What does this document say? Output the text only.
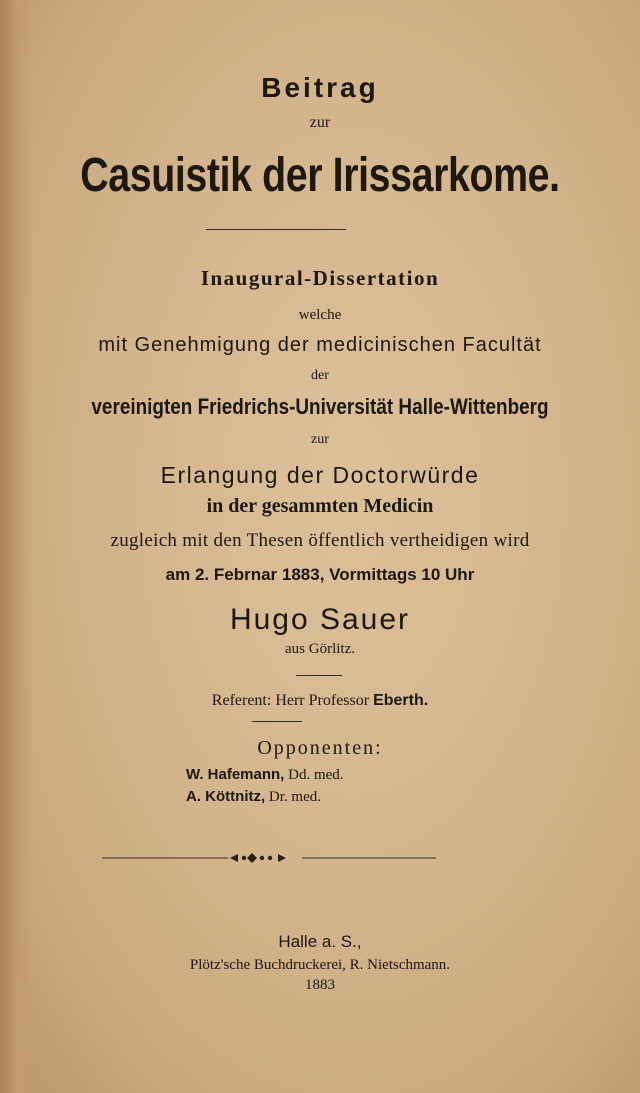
Beitrag
zur
Casuistik der Irissarkome.
Inaugural-Dissertation
welche
mit Genehmigung der medicinischen Facultät
der
vereinigten Friedrichs-Universität Halle-Wittenberg
zur
Erlangung der Doctorwürde
in der gesammten Medicin
zugleich mit den Thesen öffentlich vertheidigen wird
am 2. Febrnar 1883, Vormittags 10 Uhr
Hugo Sauer
aus Görlitz.
Referent: Herr Professor Eberth.
Opponenten:
W. Hafemann, Dd. med.
A. Köttnitz, Dr. med.
Halle a. S.,
Plötz'sche Buchdruckerei, R. Nietschmann.
1883
